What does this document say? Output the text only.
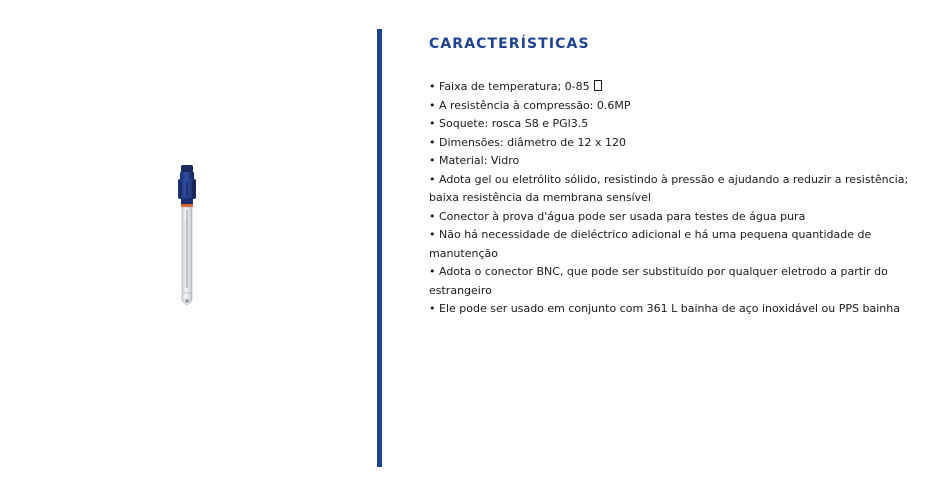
CARACTERÍSTICAS
• Faixa de temperatura; 0-85
• A resistência à compressão: 0.6MP
• Soquete: rosca S8 e PGl3.5
• Dimensões: diâmetro de 12 x 120
• Material: Vidro
• Adota gel ou eletrólito sólido, resistindo à pressão e ajudando a reduzir a resistência; baixa resistência da membrana sensível
• Conector à prova d'água pode ser usada para testes de água pura
• Não há necessidade de dieléctrico adicional e há uma pequena quantidade de manutenção
• Adota o conector BNC, que pode ser substituído por qualquer eletrodo a partir do estrangeiro
• Ele pode ser usado em conjunto com 361 L bainha de aço inoxidável ou PPS bainha
